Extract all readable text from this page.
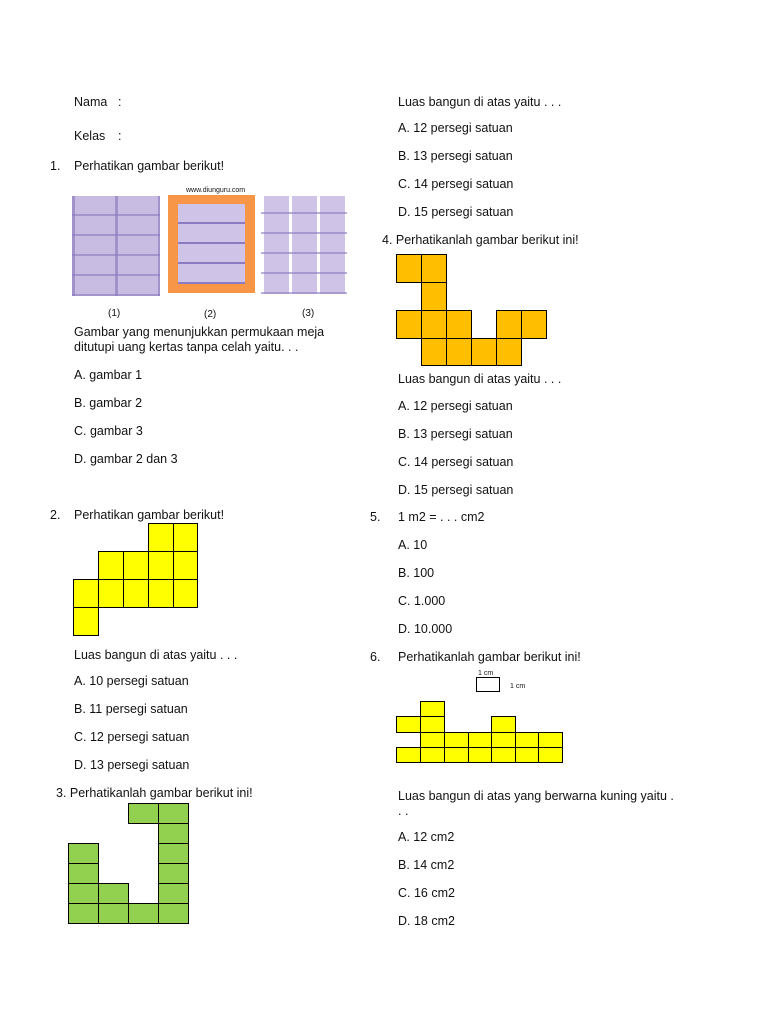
Nama :
Kelas :
1. Perhatikan gambar berikut!
www.diunguru.com
(1)	(2)	(3)
Gambar yang menunjukkan permukaan meja ditutupi uang kertas tanpa celah yaitu. . .
A. gambar 1
B. gambar 2
C. gambar 3
D. gambar 2 dan 3
2. Perhatikan gambar berikut!
Luas bangun di atas yaitu . . .
A. 10 persegi satuan
B. 11 persegi satuan
C. 12 persegi satuan
D. 13 persegi satuan
3. Perhatikanlah gambar berikut ini!
Luas bangun di atas yaitu . . .
A. 12 persegi satuan
B. 13 persegi satuan
C. 14 persegi satuan
D. 15 persegi satuan
4. Perhatikanlah gambar berikut ini!
Luas bangun di atas yaitu . . .
A. 12 persegi satuan
B. 13 persegi satuan
C. 14 persegi satuan
D. 15 persegi satuan
5. 1 m2 = . . . cm2
A. 10
B. 100
C. 1.000
D. 10.000
6. Perhatikanlah gambar berikut ini!
1 cm
1 cm
Luas bangun di atas yang berwarna kuning yaitu .
. .
A. 12 cm2
B. 14 cm2
C. 16 cm2
D. 18 cm2
